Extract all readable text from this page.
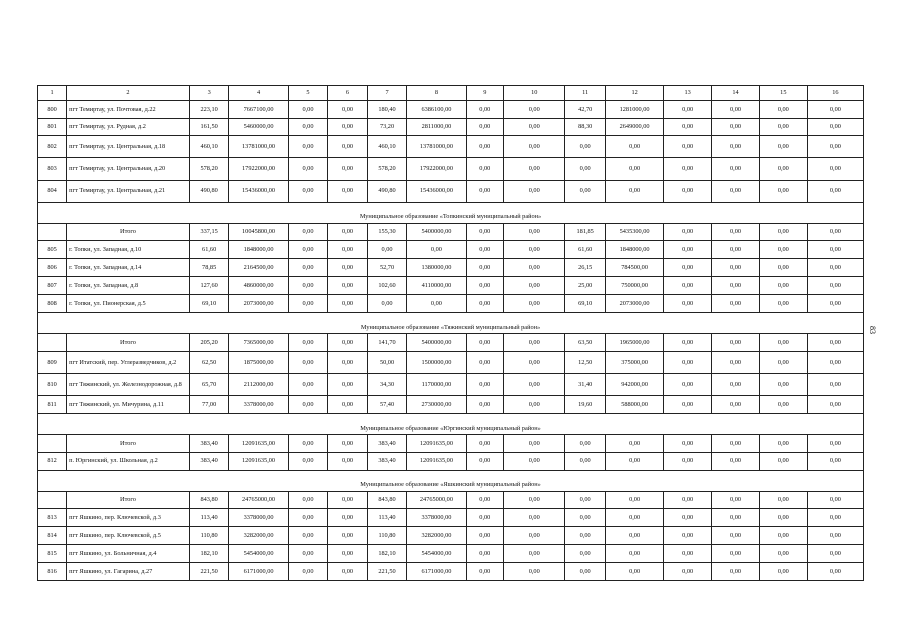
1	2	3	4	5	6	7	8	9	10	11	12	13	14	15	16
800	пгт Темиртау, ул. Почтовая, д.22	223,10	7667100,00	0,00	0,00	180,40	6386100,00	0,00	0,00	42,70	1281000,00	0,00	0,00	0,00	0,00
801	пгт Темиртау, ул. Рудная, д.2	161,50	5460000,00	0,00	0,00	73,20	2811000,00	0,00	0,00	88,30	2649000,00	0,00	0,00	0,00	0,00
802	пгт Темиртау, ул. Центральная, д.18	460,10	13781000,00	0,00	0,00	460,10	13781000,00	0,00	0,00	0,00	0,00	0,00	0,00	0,00	0,00
803	пгт Темиртау, ул. Центральная, д.20	578,20	17922000,00	0,00	0,00	578,20	17922000,00	0,00	0,00	0,00	0,00	0,00	0,00	0,00	0,00
804	пгт Темиртау, ул. Центральная, д.21	490,80	15436000,00	0,00	0,00	490,80	15436000,00	0,00	0,00	0,00	0,00	0,00	0,00	0,00	0,00
Муниципальное образование «Топкинский муниципальный район»															
	Итого	337,15	10045800,00	0,00	0,00	155,30	5400000,00	0,00	0,00	181,85	5435300,00	0,00	0,00	0,00	0,00
805	г. Топки, ул. Западная, д.10	61,60	1848000,00	0,00	0,00	0,00	0,00	0,00	0,00	61,60	1848000,00	0,00	0,00	0,00	0,00
806	г. Топки, ул. Западная, д.14	78,85	2164500,00	0,00	0,00	52,70	1380000,00	0,00	0,00	26,15	784500,00	0,00	0,00	0,00	0,00
807	г. Топки, ул. Западная, д.8	127,60	4860000,00	0,00	0,00	102,60	4110000,00	0,00	0,00	25,00	750000,00	0,00	0,00	0,00	0,00
808	г. Топки, ул. Пионерская, д.5	69,10	2073000,00	0,00	0,00	0,00	0,00	0,00	0,00	69,10	2073000,00	0,00	0,00	0,00	0,00
Муниципальное образование «Тяжинский муниципальный район»															
	Итого	205,20	7365000,00	0,00	0,00	141,70	5400000,00	0,00	0,00	63,50	1965000,00	0,00	0,00	0,00	0,00
809	пгт Итатский, пер. Углеразведчиков, д.2	62,50	1875000,00	0,00	0,00	50,00	1500000,00	0,00	0,00	12,50	375000,00	0,00	0,00	0,00	0,00
810	пгт Тяжинский, ул. Железнодорожная, д.8	65,70	2112000,00	0,00	0,00	34,30	1170000,00	0,00	0,00	31,40	942000,00	0,00	0,00	0,00	0,00
811	пгт Тяжинский, ул. Мичурина, д.11	77,00	3378000,00	0,00	0,00	57,40	2730000,00	0,00	0,00	19,60	588000,00	0,00	0,00	0,00	0,00
Муниципальное образование «Юргинский муниципальный район»															
	Итого	383,40	12091635,00	0,00	0,00	383,40	12091635,00	0,00	0,00	0,00	0,00	0,00	0,00	0,00	0,00
812	п. Юргинский, ул. Школьная, д.2	383,40	12091635,00	0,00	0,00	383,40	12091635,00	0,00	0,00	0,00	0,00	0,00	0,00	0,00	0,00
Муниципальное образование «Яшкинский муниципальный район»															
	Итого	843,80	24765000,00	0,00	0,00	843,80	24765000,00	0,00	0,00	0,00	0,00	0,00	0,00	0,00	0,00
813	пгт Яшкино, пер. Ключевской, д.3	113,40	3378000,00	0,00	0,00	113,40	3378000,00	0,00	0,00	0,00	0,00	0,00	0,00	0,00	0,00
814	пгт Яшкино, пер. Ключевской, д.5	110,80	3282000,00	0,00	0,00	110,80	3282000,00	0,00	0,00	0,00	0,00	0,00	0,00	0,00	0,00
815	пгт Яшкино, ул. Больничная, д.4	182,10	5454000,00	0,00	0,00	182,10	5454000,00	0,00	0,00	0,00	0,00	0,00	0,00	0,00	0,00
816	пгт Яшкино, ул. Гагарина, д.27	221,50	6171000,00	0,00	0,00	221,50	6171000,00	0,00	0,00	0,00	0,00	0,00	0,00	0,00	0,00
83
